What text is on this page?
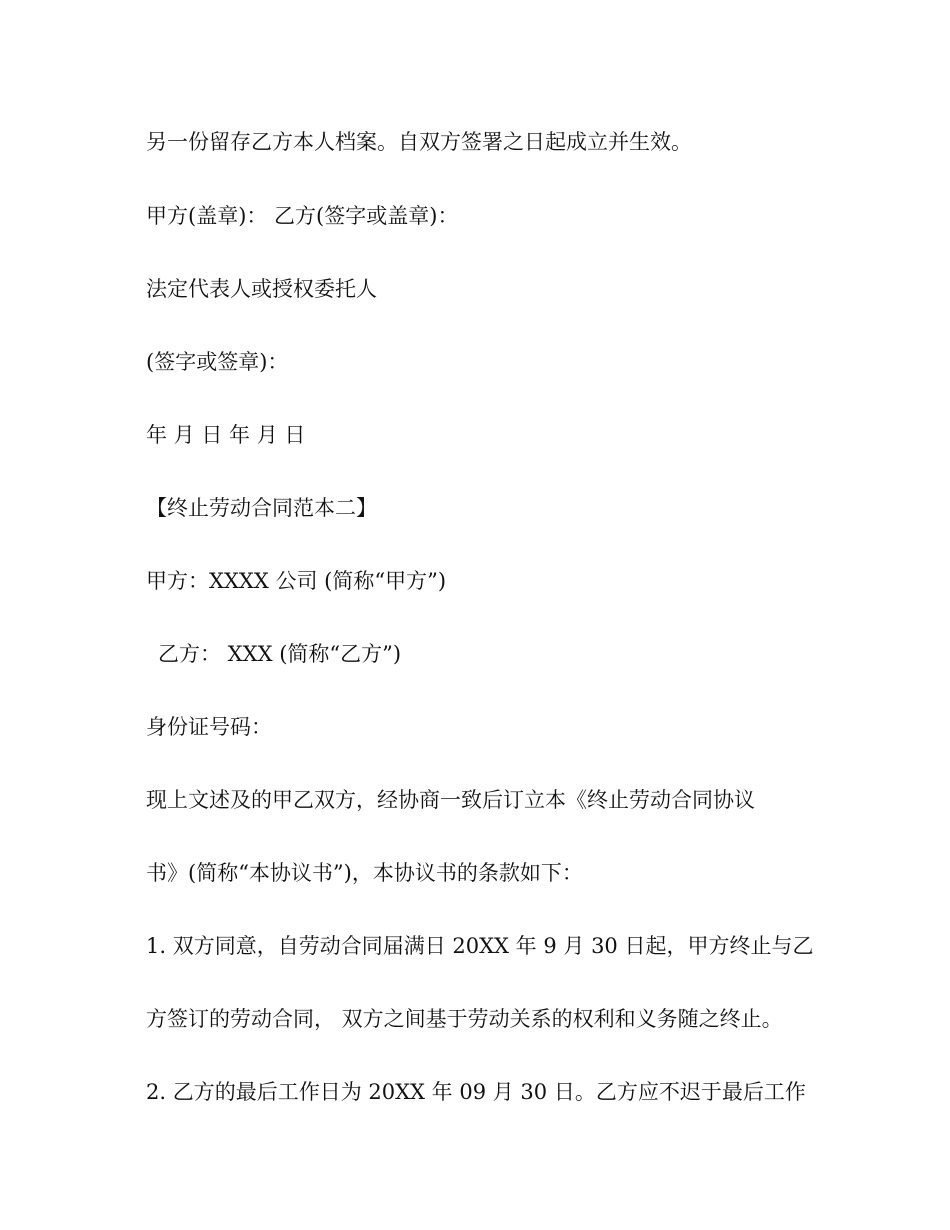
另一份留存乙方本人档案。自双方签署之日起成立并生效。

甲方(盖章)： 乙方(签字或盖章)：

法定代表人或授权委托人

(签字或签章)：

年 月 日 年 月 日

【终止劳动合同范本二】

甲方：XXXX 公司 (简称“甲方”)

乙方： XXX (简称“乙方”)

身份证号码：

现上文述及的甲乙双方，经协商一致后订立本《终止劳动合同协议

书》(简称“本协议书”)，本协议书的条款如下：

1. 双方同意，自劳动合同届满日 20XX 年 9 月 30 日起，甲方终止与乙

方签订的劳动合同， 双方之间基于劳动关系的权利和义务随之终止。

2. 乙方的最后工作日为 20XX 年 09 月 30 日。乙方应不迟于最后工作
